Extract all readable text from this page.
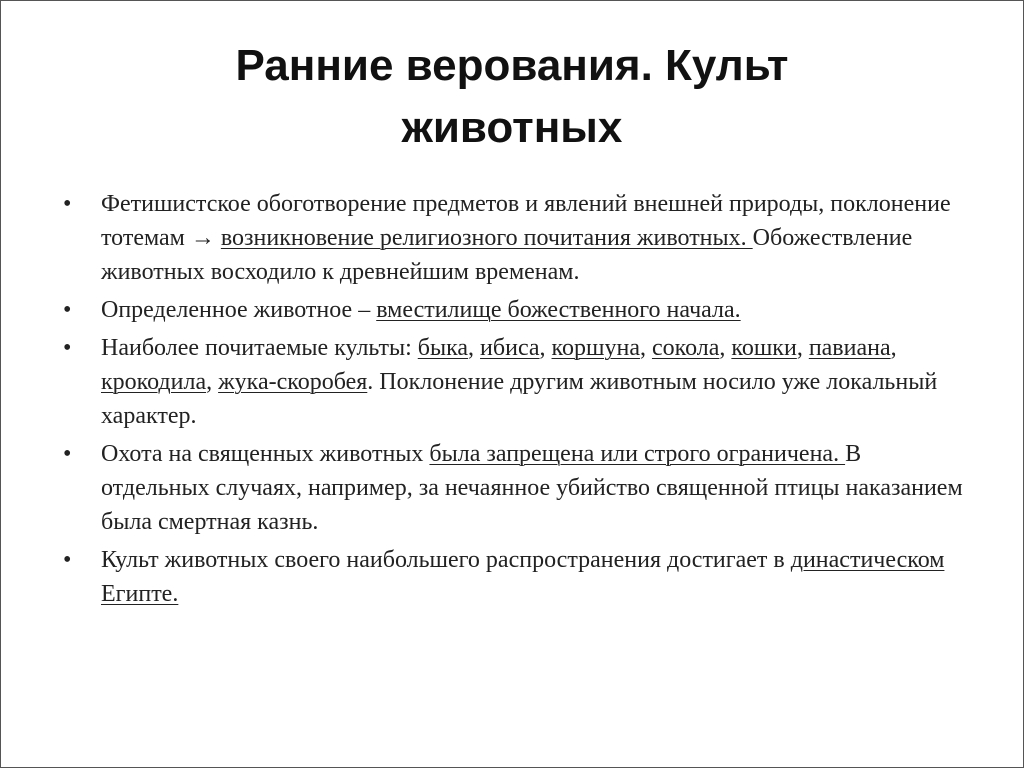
Ранние верования. Культ
животных
•	Фетишистское обоготворение предметов и явлений внешней природы, поклонение тотемам → возникновение религиозного почитания животных. Обожествление животных восходило к древнейшим временам.
•	Определенное животное – вместилище божественного начала.
•	Наиболее почитаемые культы: быка, ибиса, коршуна, сокола, кошки, павиана, крокодила, жука-скоробея. Поклонение другим животным носило уже локальный характер.
•	Охота на священных животных была запрещена или строго ограничена. В отдельных случаях, например, за нечаянное убийство священной птицы наказанием была смертная казнь.
•	Культ животных своего наибольшего распространения достигает в династическом Египте.
